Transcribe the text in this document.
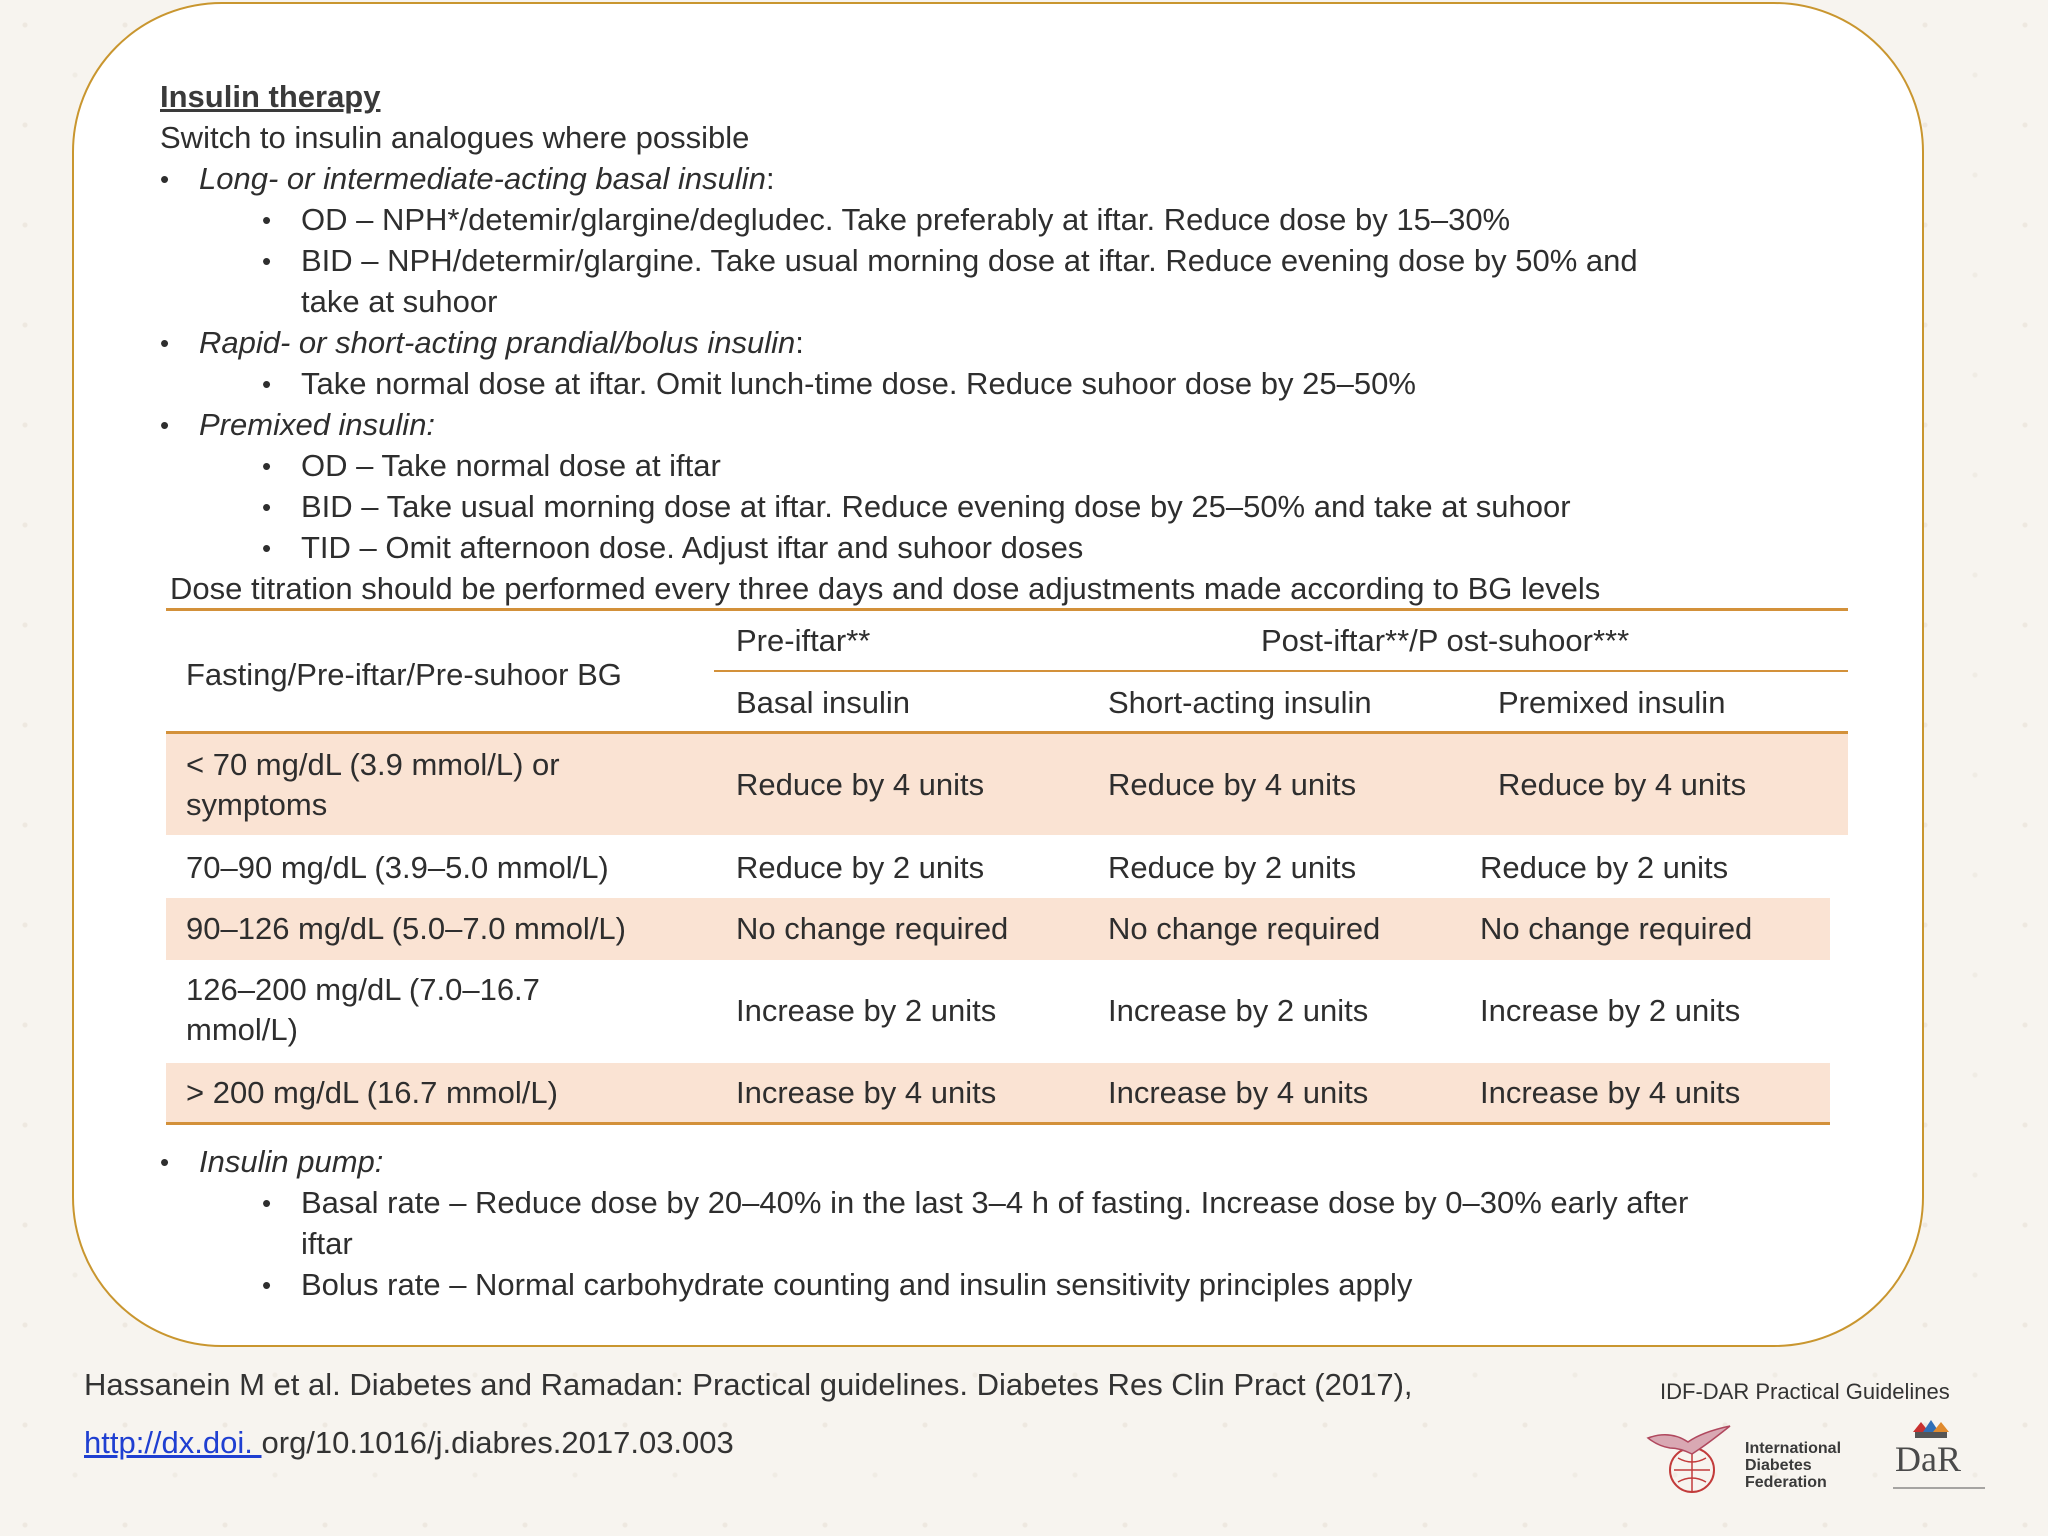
Insulin therapy
Switch to insulin analogues where possible
• Long- or intermediate-acting basal insulin:
• OD – NPH*/detemir/glargine/degludec. Take preferably at iftar. Reduce dose by 15–30%
• BID – NPH/determir/glargine. Take usual morning dose at iftar. Reduce evening dose by 50% and
take at suhoor
• Rapid- or short-acting prandial/bolus insulin:
• Take normal dose at iftar. Omit lunch-time dose. Reduce suhoor dose by 25–50%
• Premixed insulin:
• OD – Take normal dose at iftar
• BID – Take usual morning dose at iftar. Reduce evening dose by 25–50% and take at suhoor
• TID – Omit afternoon dose. Adjust iftar and suhoor doses
Dose titration should be performed every three days and dose adjustments made according to BG levels
Fasting/Pre-iftar/Pre-suhoor BG
Pre-iftar**	Post-iftar**/P ost-suhoor***
Basal insulin	Short-acting insulin	Premixed insulin
< 70 mg/dL (3.9 mmol/L) or
symptoms
Reduce by 4 units	Reduce by 4 units	Reduce by 4 units
70–90 mg/dL (3.9–5.0 mmol/L)	Reduce by 2 units	Reduce by 2 units	Reduce by 2 units
90–126 mg/dL (5.0–7.0 mmol/L)	No change required	No change required	No change required
126–200 mg/dL (7.0–16.7
mmol/L)
Increase by 2 units	Increase by 2 units	Increase by 2 units
> 200 mg/dL (16.7 mmol/L)	Increase by 4 units	Increase by 4 units	Increase by 4 units
• Insulin pump:
• Basal rate – Reduce dose by 20–40% in the last 3–4 h of fasting. Increase dose by 0–30% early after
iftar
• Bolus rate – Normal carbohydrate counting and insulin sensitivity principles apply
Hassanein M et al. Diabetes and Ramadan: Practical guidelines. Diabetes Res Clin Pract (2017),
http://dx.doi. org/10.1016/j.diabres.2017.03.003
IDF-DAR Practical Guidelines
International
Diabetes
Federation
DaR
